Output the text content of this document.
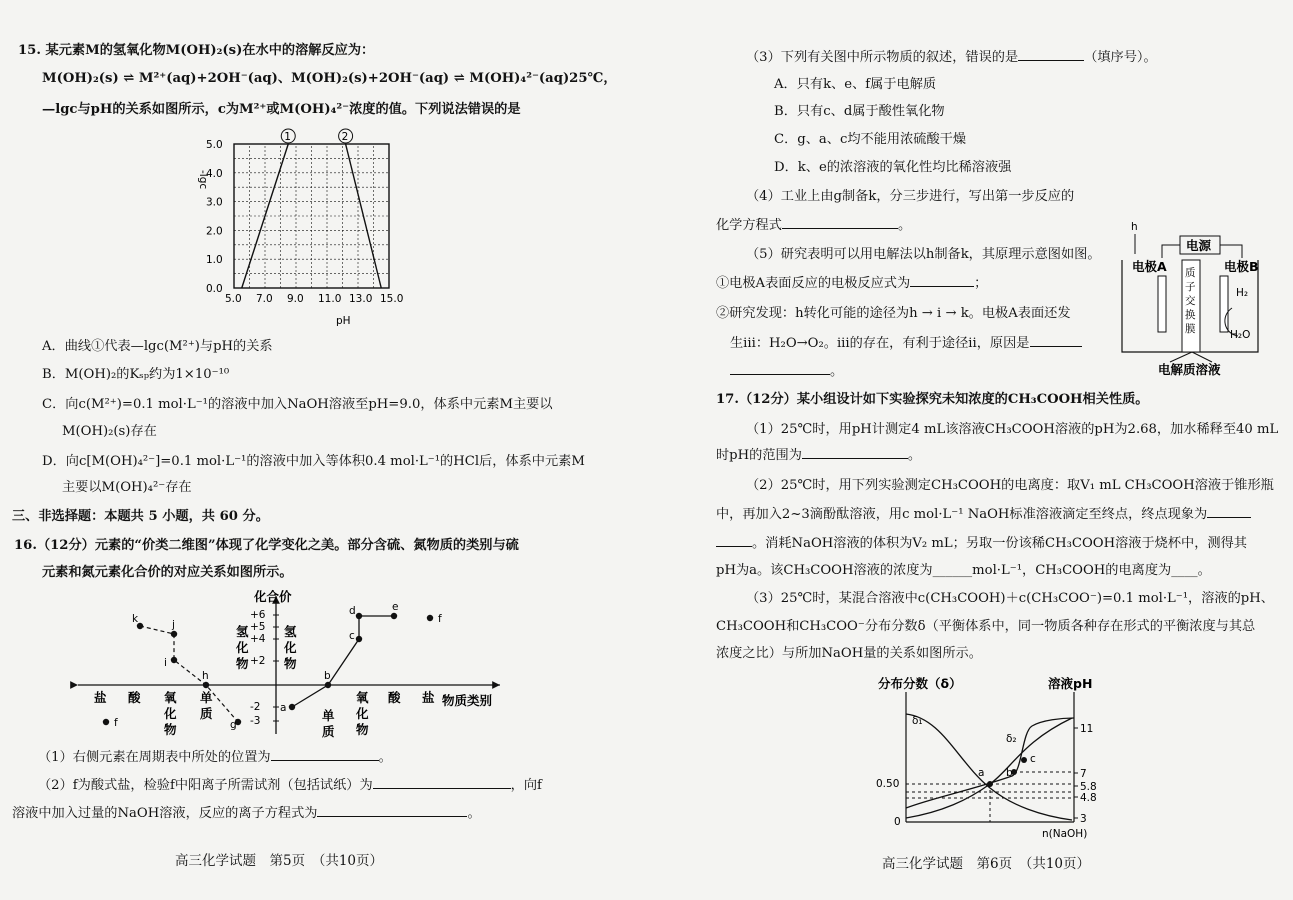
15. 某元素M的氢氧化物M(OH)₂(s)在水中的溶解反应为：
M(OH)₂(s) ⇌ M²⁺(aq)+2OH⁻(aq)、M(OH)₂(s)+2OH⁻(aq) ⇌ M(OH)₄²⁻(aq)25℃，
—lgc与pH的关系如图所示，c为M²⁺或M(OH)₄²⁻浓度的值。下列说法错误的是
-lgc
pH
5.0 7.0 9.0 11.0 13.0 15.0
0.0
1.0
2.0
3.0
4.0
5.0
1	2
A．曲线①代表—lgc(M²⁺)与pH的关系
B．M(OH)₂的Kₛₚ约为1×10⁻¹⁰
C．向c(M²⁺)=0.1 mol·L⁻¹的溶液中加入NaOH溶液至pH=9.0，体系中元素M主要以
M(OH)₂(s)存在
D．向c[M(OH)₄²⁻]=0.1 mol·L⁻¹的溶液中加入等体积0.4 mol·L⁻¹的HCl后，体系中元素M
主要以M(OH)₄²⁻存在
三、非选择题：本题共 5 小题，共 60 分。
16.（12分）元素的“价类二维图”体现了化学变化之美。部分含硫、氮物质的类别与硫
元素和氮元素化合价的对应关系如图所示。
化合价
+6
+5
+4
+2
-2
-3
氢
化
物
氢
化
物
盐 酸 氧
化
物
单
质	单
质
氧
化
物
酸 盐 物质类别
k	j
i
h
g
f
a
b
c
d	e
f
（1）右侧元素在周期表中所处的位置为	。
（2）f为酸式盐，检验f中阳离子所需试剂（包括试纸）为	，向f
溶液中加入过量的NaOH溶液，反应的离子方程式为	。
高三化学试题　第5页　（共10页）
（3）下列有关图中所示物质的叙述，错误的是	（填序号）。
A．只有k、e、f属于电解质
B．只有c、d属于酸性氧化物
C．g、a、c均不能用浓硫酸干燥
D．k、e的浓溶液的氧化性均比稀溶液强
（4）工业上由g制备k，分三步进行，写出第一步反应的
化学方程式	。
（5）研究表明可以用电解法以h制备k，其原理示意图如图。
①电极A表面反应的电极反应式为	；
②研究发现：h转化可能的途径为h → i → k。电极A表面还发
生iii：H₂O→O₂。iii的存在，有利于途径ii，原因是
。
h
电源
电极A	电极B
质
子
交
换
膜
H₂
H₂O
电解质溶液
17.（12分）某小组设计如下实验探究未知浓度的CH₃COOH相关性质。
（1）25℃时，用pH计测定4 mL该溶液CH₃COOH溶液的pH为2.68，加水稀释至40 mL
时pH的范围为	。
（2）25℃时，用下列实验测定CH₃COOH的电离度：取V₁ mL CH₃COOH溶液于锥形瓶
中，再加入2~3滴酚酞溶液，用c mol·L⁻¹ NaOH标准溶液滴定至终点，终点现象为
。消耗NaOH溶液的体积为V₂ mL；另取一份该稀CH₃COOH溶液于烧杯中，测得其
pH为a。该CH₃COOH溶液的浓度为______mol·L⁻¹，CH₃COOH的电离度为____。
（3）25℃时，某混合溶液中c(CH₃COOH)＋c(CH₃COO⁻)=0.1 mol·L⁻¹，溶液的pH、
CH₃COOH和CH₃COO⁻分布分数δ（平衡体系中，同一物质各种存在形式的平衡浓度与其总
浓度之比）与所加NaOH量的关系如图所示。
分布分数（δ）	溶液pH
0
0.50
11
7
5.8
4.8
3
δ₁
δ₂
a b
c
n(NaOH)
高三化学试题　第6页　（共10页）
